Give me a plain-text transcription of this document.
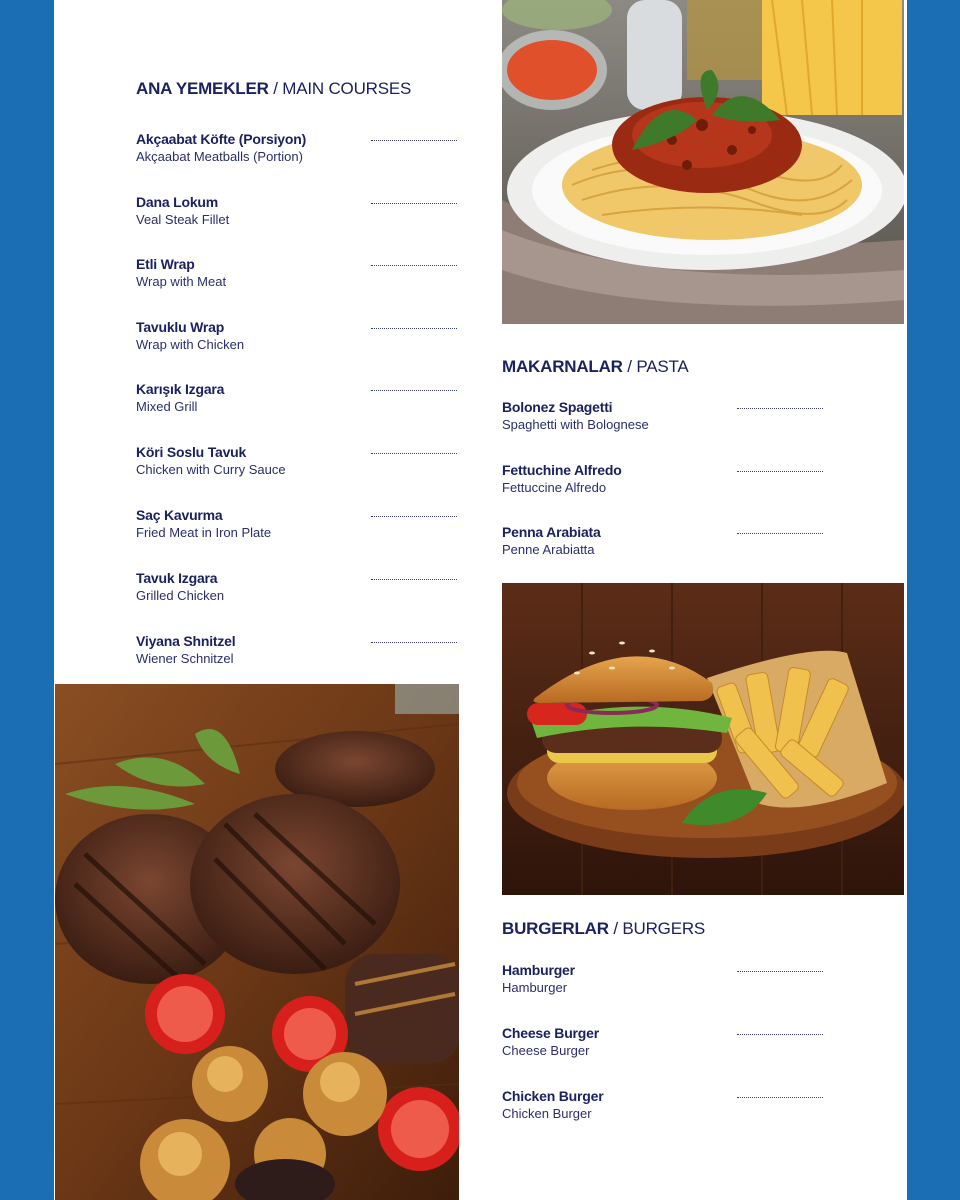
ANA YEMEKLER / MAIN COURSES
Akçaabat Köfte (Porsiyon)
Akçaabat Meatballs (Portion)
Dana Lokum
Veal Steak Fillet
Etli Wrap
Wrap with Meat
Tavuklu Wrap
Wrap with Chicken
Karışık Izgara
Mixed Grill
Köri Soslu Tavuk
Chicken with Curry Sauce
Saç Kavurma
Fried Meat in Iron Plate
Tavuk Izgara
Grilled Chicken
Viyana Shnitzel
Wiener Schnitzel
MAKARNALAR / PASTA
Bolonez Spagetti
Spaghetti with Bolognese
Fettuchine Alfredo
Fettuccine Alfredo
Penna Arabiata
Penne Arabiatta
BURGERLAR / BURGERS
Hamburger
Hamburger
Cheese Burger
Cheese Burger
Chicken Burger
Chicken Burger
